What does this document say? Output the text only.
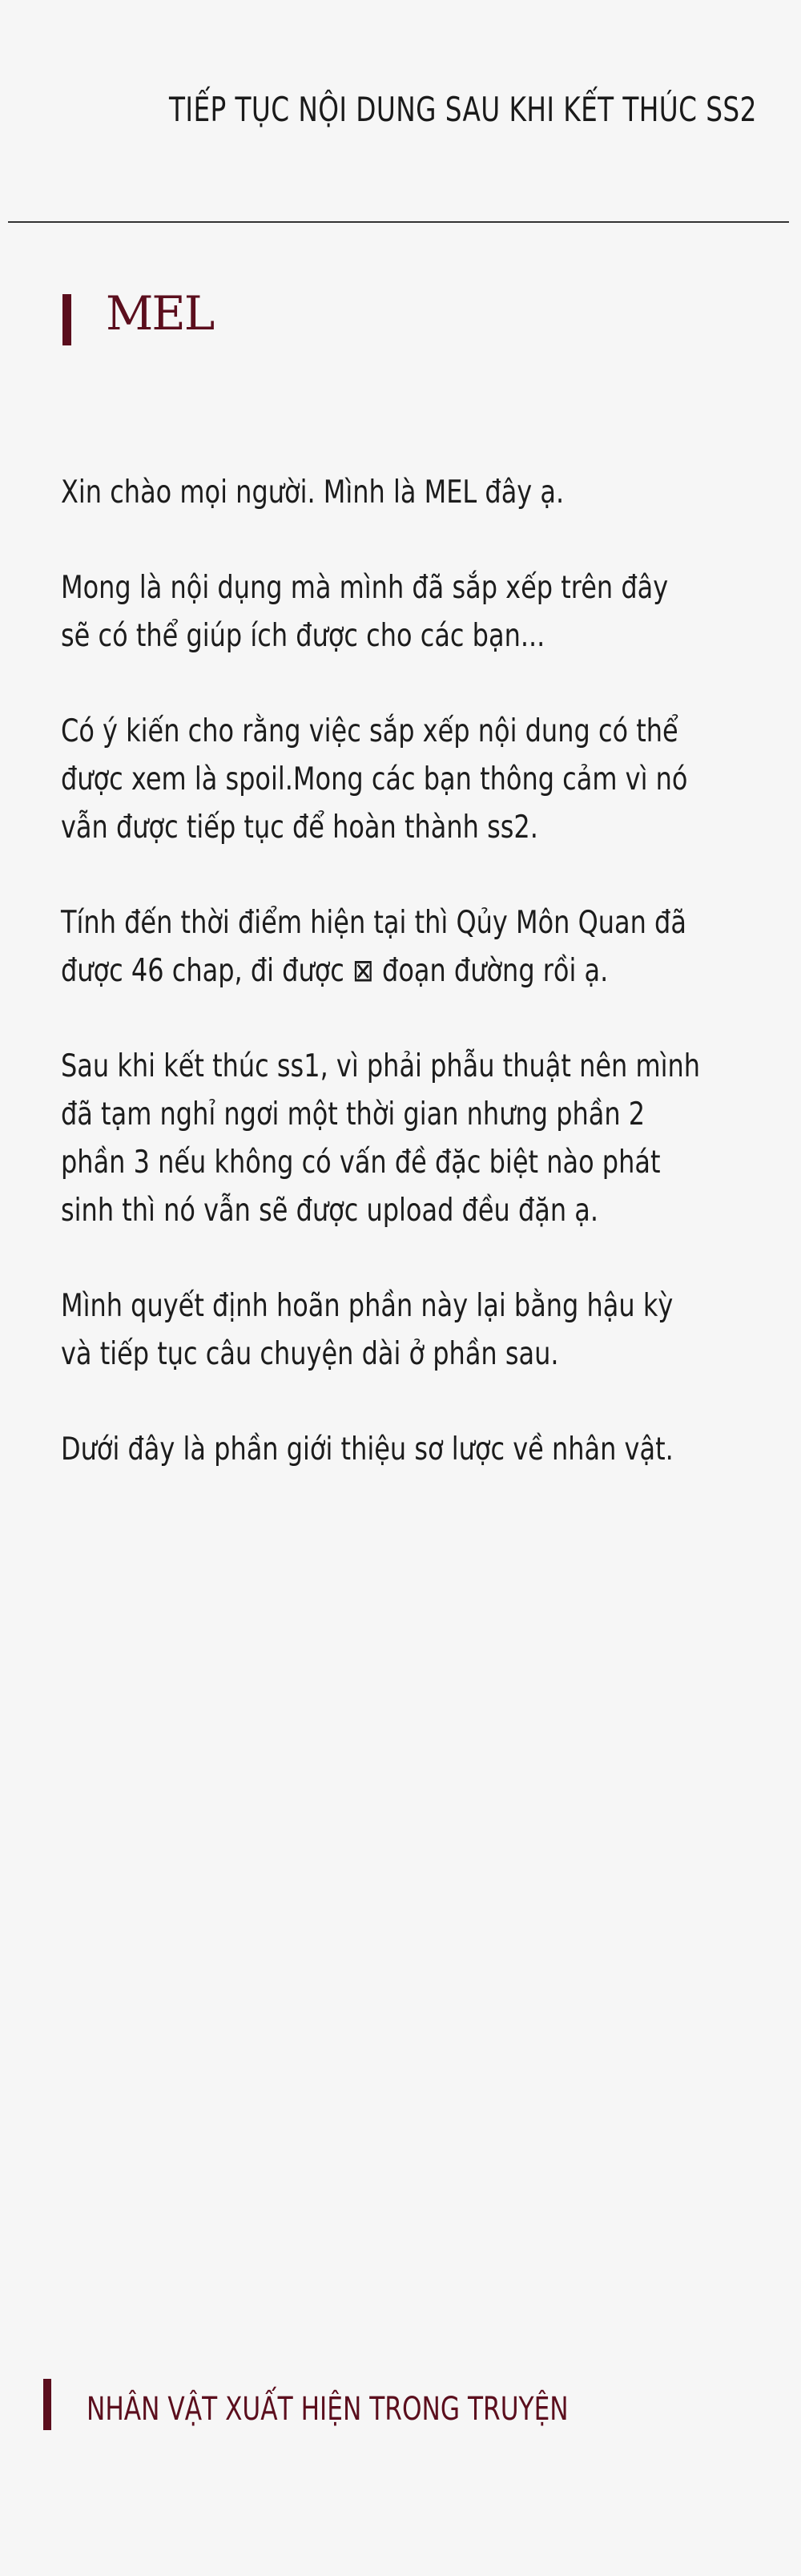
TIẾP TỤC NỘI DUNG SAU KHI KẾT THÚC SS2
MEL

Xin chào mọi người. Mình là MEL đây ạ.

Mong là nội dụng mà mình đã sắp xếp trên đây
sẽ có thể giúp ích được cho các bạn...

Có ý kiến cho rằng việc sắp xếp nội dung có thể
được xem là spoil.Mong các bạn thông cảm vì nó
vẫn được tiếp tục để hoàn thành ss2.

Tính đến thời điểm hiện tại thì Qủy Môn Quan đã
được 46 chap, đi được ⊠ đoạn đường rồi ạ.

Sau khi kết thúc ss1, vì phải phẫu thuật nên mình
đã tạm nghỉ ngơi một thời gian nhưng phần 2
phần 3 nếu không có vấn đề đặc biệt nào phát
sinh thì nó vẫn sẽ được upload đều đặn ạ.

Mình quyết định hoãn phần này lại bằng hậu kỳ
và tiếp tục câu chuyện dài ở phần sau.

Dưới đây là phần giới thiệu sơ lược về nhân vật.

NHÂN VẬT XUẤT HIỆN TRONG TRUYỆN
